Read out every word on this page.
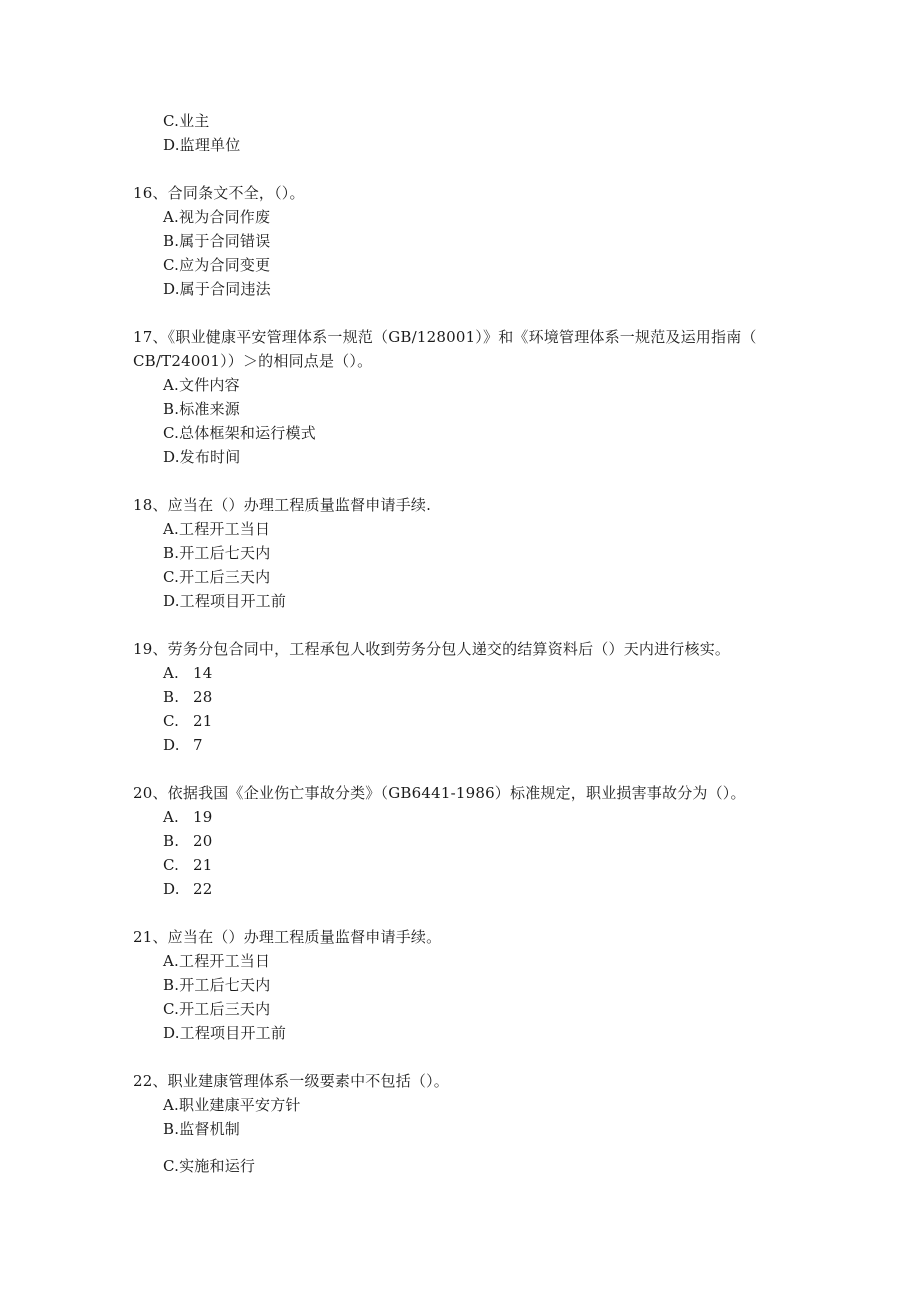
C.业主
D.监理单位
16、合同条文不全，（）。
A.视为合同作废
B.属于合同错误
C.应为合同变更
D.属于合同违法
17、《职业健康平安管理体系一规范（GB/128001）》和《环境管理体系一规范及运用指南（
CB/T24001））＞的相同点是（）。
A.文件内容
B.标准来源
C.总体框架和运行模式
D.发布时间
18、应当在（）办理工程质量监督申请手续.
A.工程开工当日
B.开工后七天内
C.开工后三天内
D.工程项目开工前
19、劳务分包合同中，工程承包人收到劳务分包人递交的结算资料后（）天内进行核实。
A. 14
B. 28
C. 21
D. 7
20、依据我国《企业伤亡事故分类》（GB6441-1986）标准规定，职业损害事故分为（）。
A. 19
B. 20
C. 21
D. 22
21、应当在（）办理工程质量监督申请手续。
A.工程开工当日
B.开工后七天内
C.开工后三天内
D.工程项目开工前
22、职业建康管理体系一级要素中不包括（）。
A.职业建康平安方针
B.监督机制
C.实施和运行
